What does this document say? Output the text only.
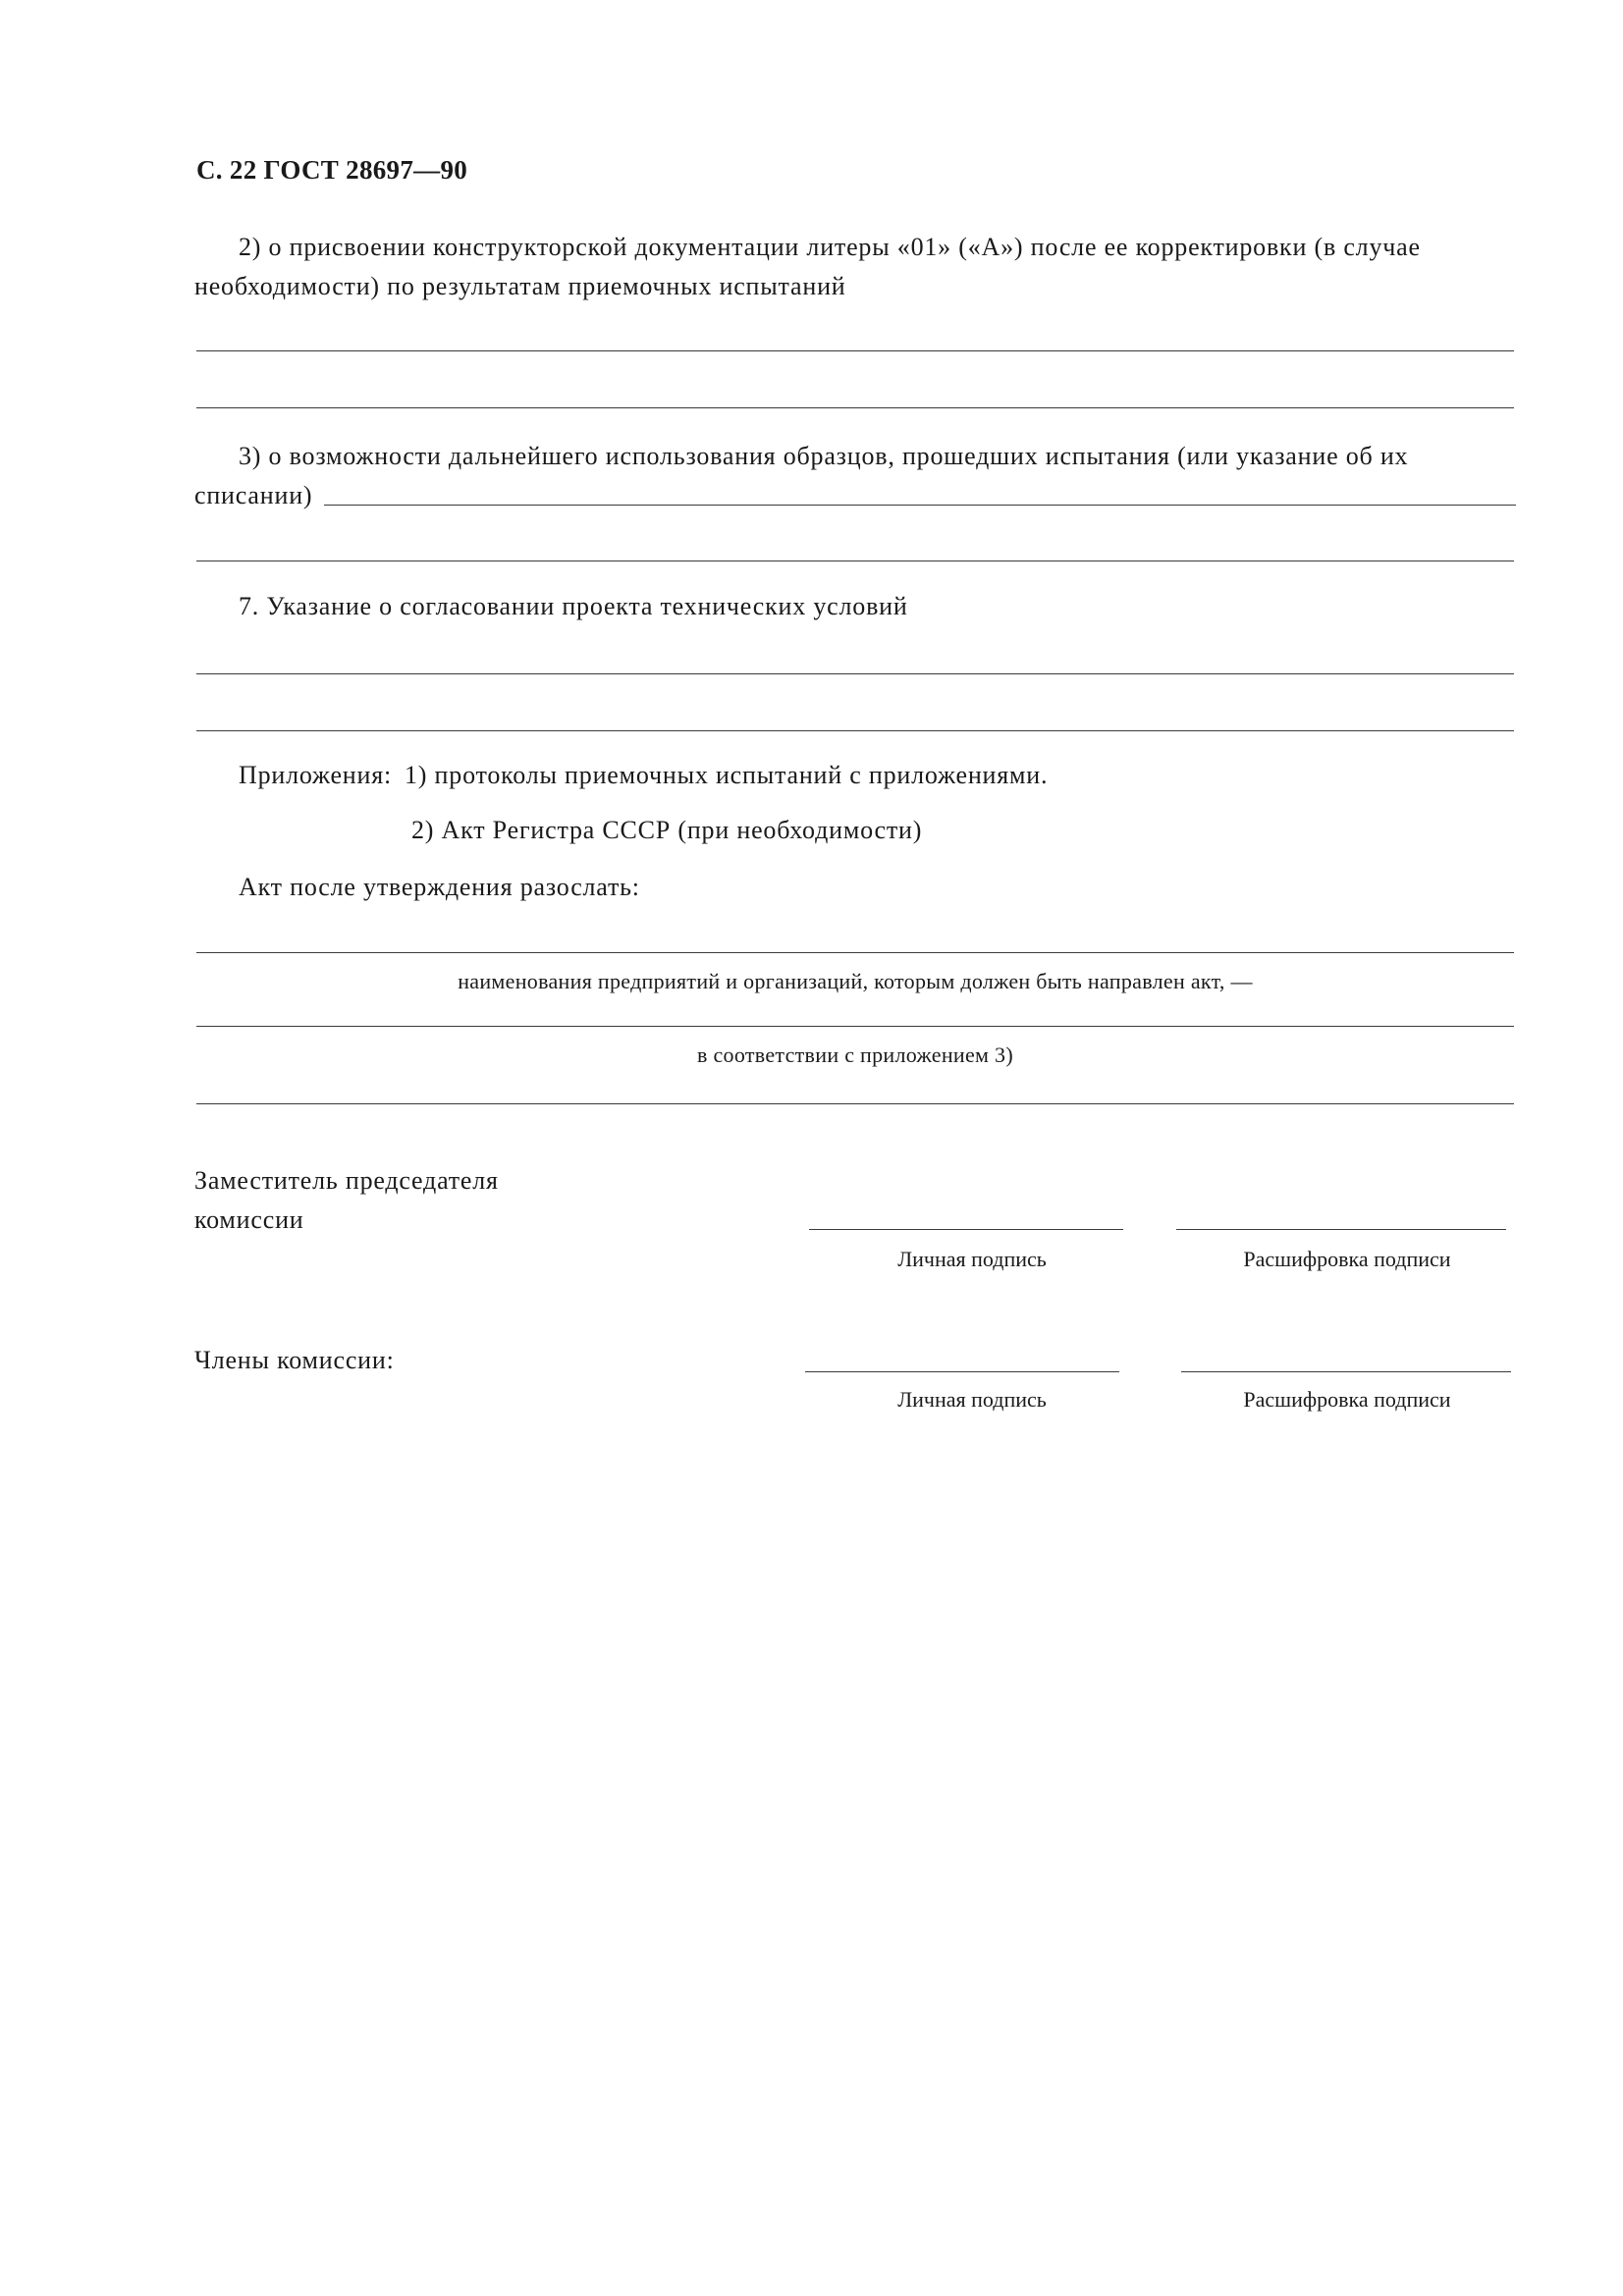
С. 22 ГОСТ 28697—90
2) о присвоении конструкторской документации литеры «01» («А») после ее корректировки (в случае
необходимости) по результатам приемочных испытаний
3) о возможности дальнейшего использования образцов, прошедших испытания (или указание об их
списании)
7. Указание о согласовании проекта технических условий
Приложения: 1) протоколы приемочных испытаний с приложениями.
2) Акт Регистра СССР (при необходимости)
Акт после утверждения разослать:
наименования предприятий и организаций, которым должен быть направлен акт, —
в соответствии с приложением 3)
Заместитель председателя
комиссии
Личная подпись	Расшифровка подписи
Члены комиссии:
Личная подпись	Расшифровка подписи
